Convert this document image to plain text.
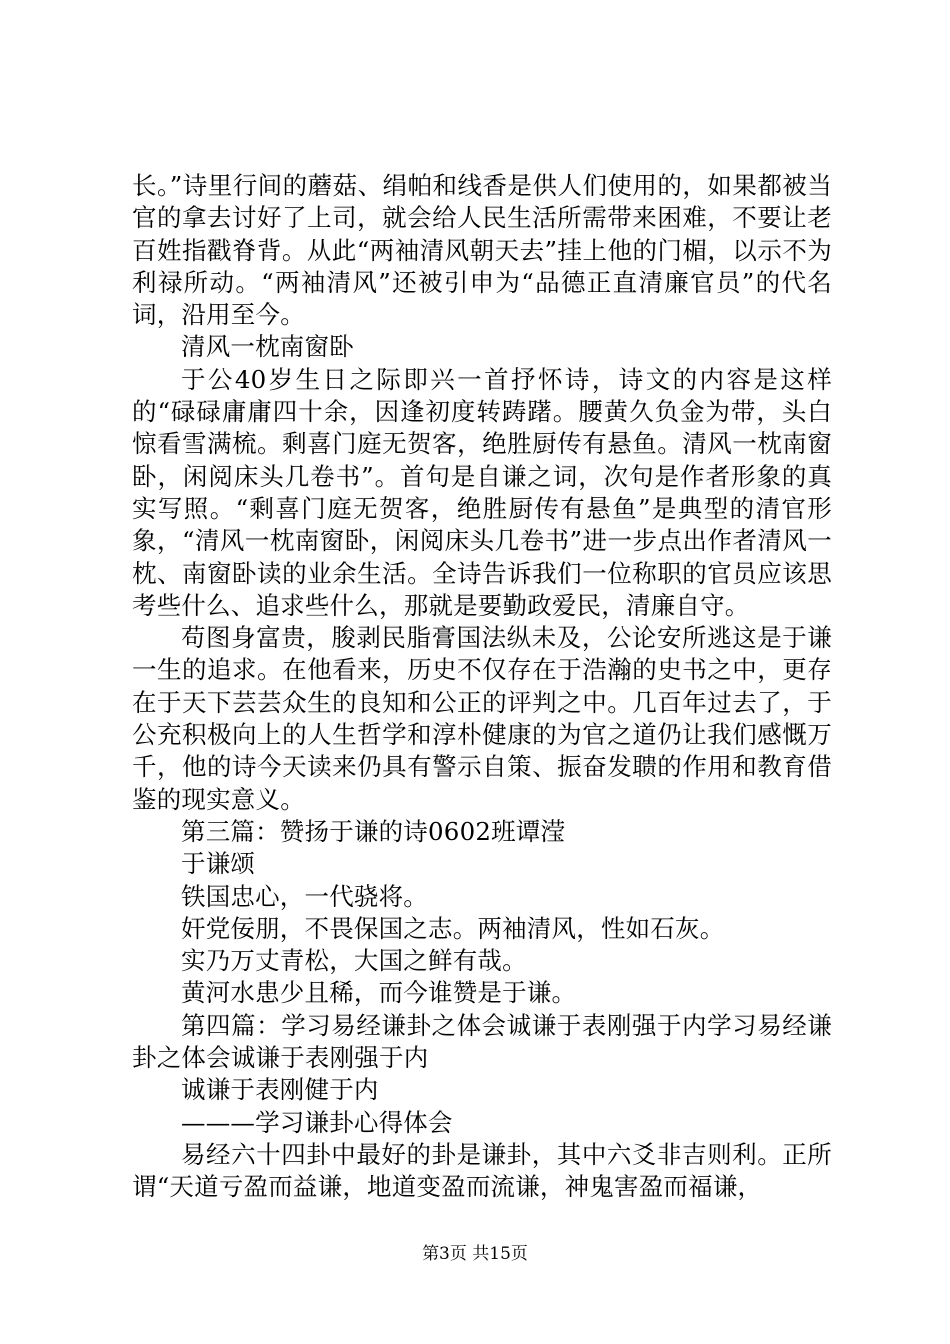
长。”诗里行间的蘑菇、绢帕和线香是供人们使用的，如果都被当官的拿去讨好了上司，就会给人民生活所需带来困难，不要让老百姓指戳脊背。从此“两袖清风朝天去”挂上他的门楣，以示不为利禄所动。“两袖清风”还被引申为“品德正直清廉官员”的代名词，沿用至今。

清风一枕南窗卧

于公40岁生日之际即兴一首抒怀诗，诗文的内容是这样的“碌碌庸庸四十余，因逢初度转踌躇。腰黄久负金为带，头白惊看雪满梳。剩喜门庭无贺客，绝胜厨传有悬鱼。清风一枕南窗卧，闲阅床头几卷书”。首句是自谦之词，次句是作者形象的真实写照。“剩喜门庭无贺客，绝胜厨传有悬鱼”是典型的清官形象，“清风一枕南窗卧，闲阅床头几卷书”进一步点出作者清风一枕、南窗卧读的业余生活。全诗告诉我们一位称职的官员应该思考些什么、追求些什么，那就是要勤政爱民，清廉自守。

苟图身富贵，朘剥民脂膏国法纵未及，公论安所逃这是于谦一生的追求。在他看来，历史不仅存在于浩瀚的史书之中，更存在于天下芸芸众生的良知和公正的评判之中。几百年过去了，于公充积极向上的人生哲学和淳朴健康的为官之道仍让我们感慨万千，他的诗今天读来仍具有警示自策、振奋发聩的作用和教育借鉴的现实意义。

第三篇：赞扬于谦的诗0602班谭滢

于谦颂

铁国忠心，一代骁将。

奸党佞朋，不畏保国之志。两袖清风，性如石灰。

实乃万丈青松，大国之鲜有哉。

黄河水患少且稀，而今谁赞是于谦。

第四篇：学习易经谦卦之体会诚谦于表刚强于内学习易经谦卦之体会诚谦于表刚强于内

诚谦于表刚健于内

———学习谦卦心得体会

易经六十四卦中最好的卦是谦卦，其中六爻非吉则利。正所谓“天道亏盈而益谦，地道变盈而流谦，神鬼害盈而福谦，

第3页 共15页
